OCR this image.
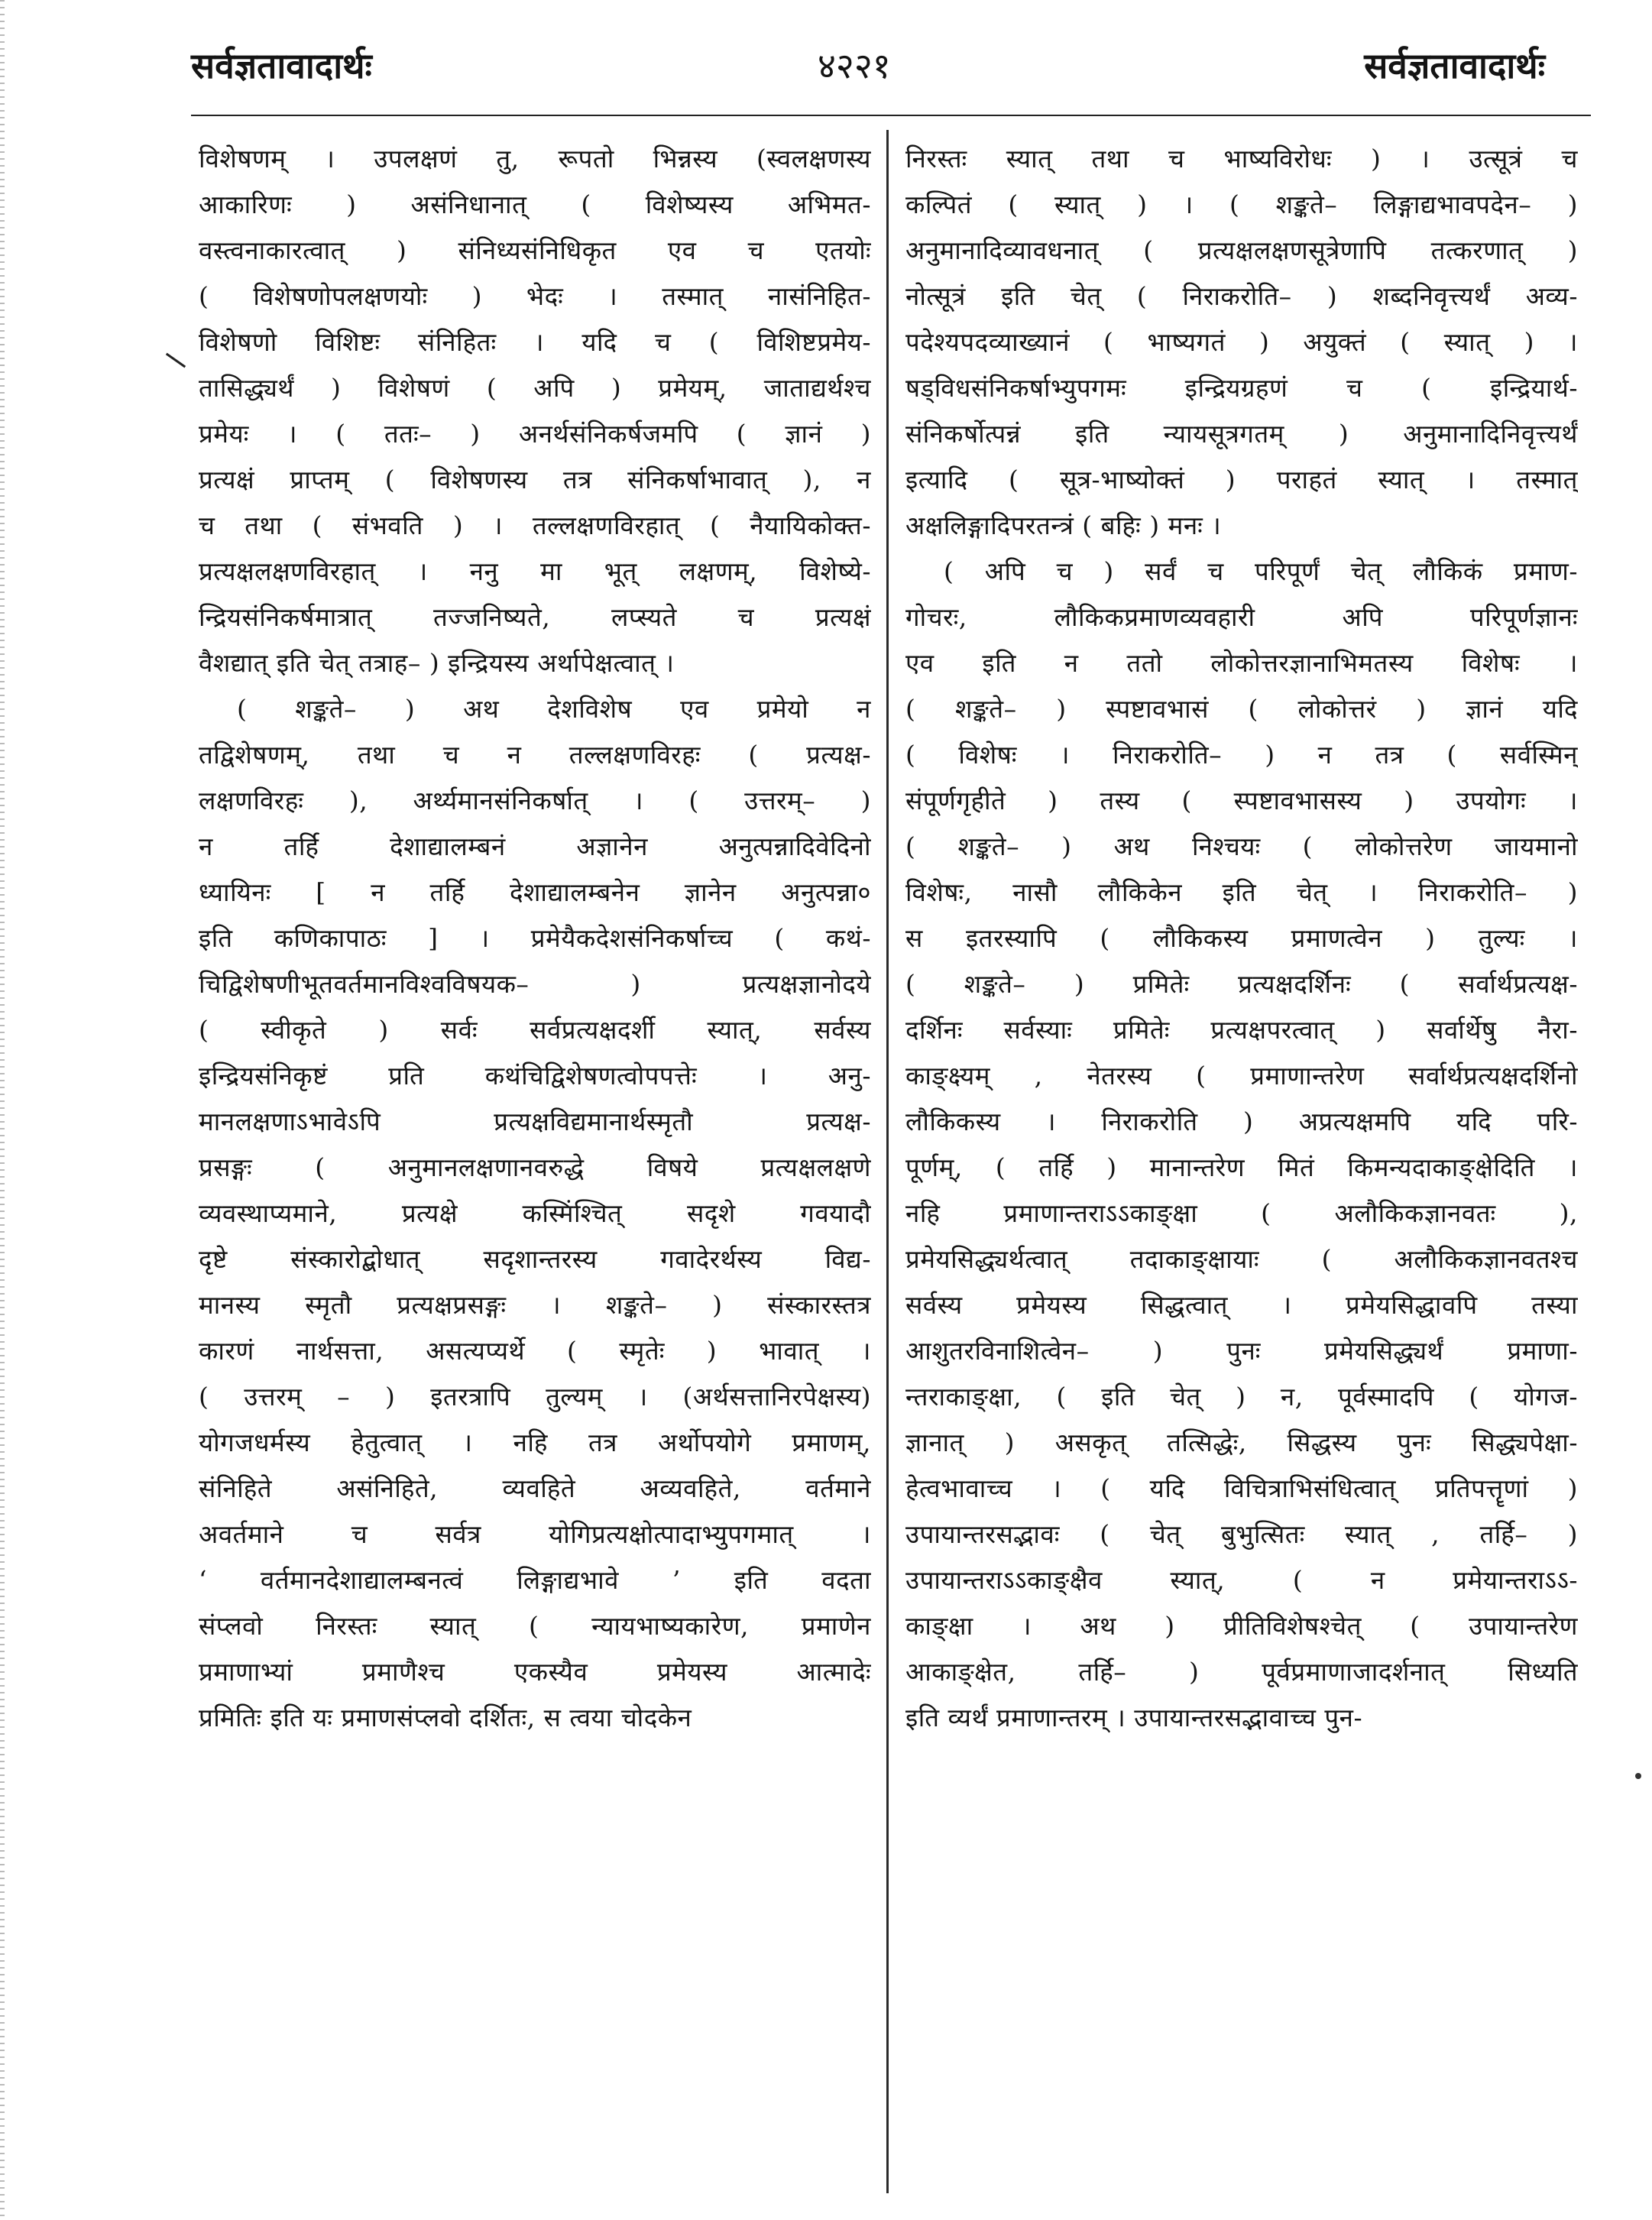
सर्वज्ञतावादार्थः	४२२१	सर्वज्ञतावादार्थः
विशेषणम् । उपलक्षणं तु, रूपतो भिन्नस्य (स्वलक्षणस्य
आकारिणः ) असंनिधानात् ( विशेष्यस्य अभिमत-
वस्त्वनाकारत्वात् ) संनिध्यसंनिधिकृत एव च एतयोः
( विशेषणोपलक्षणयोः ) भेदः । तस्मात् नासंनिहित-
विशेषणो विशिष्टः संनिहितः । यदि च ( विशिष्टप्रमेय-
तासिद्ध्यर्थं ) विशेषणं ( अपि ) प्रमेयम्, जाताद्यर्थश्च
प्रमेयः । ( ततः– ) अनर्थसंनिकर्षजमपि ( ज्ञानं )
प्रत्यक्षं प्राप्तम् ( विशेषणस्य तत्र संनिकर्षाभावात् ), न
च तथा ( संभवति ) । तल्लक्षणविरहात् ( नैयायिकोक्त-
प्रत्यक्षलक्षणविरहात् । ननु मा भूत् लक्षणम्, विशेष्ये-
न्द्रियसंनिकर्षमात्रात् तज्जनिष्यते, लप्स्यते च प्रत्यक्षं
वैशद्यात् इति चेत् तत्राह– ) इन्द्रियस्य अर्थापेक्षत्वात् ।
( शङ्कते– ) अथ देशविशेष एव प्रमेयो न
तद्विशेषणम्, तथा च न तल्लक्षणविरहः ( प्रत्यक्ष-
लक्षणविरहः ), अर्थ्यमानसंनिकर्षात् । ( उत्तरम्– )
न तर्हि देशाद्यालम्बनं अज्ञानेन अनुत्पन्नादिवेदिनो
ध्यायिनः [ न तर्हि देशाद्यालम्बनेन ज्ञानेन अनुत्पन्ना०
इति कणिकापाठः ] । प्रमेयैकदेशसंनिकर्षाच्च ( कथं-
चिद्विशेषणीभूतवर्तमानविश्वविषयक– ) प्रत्यक्षज्ञानोदये
( स्वीकृते ) सर्वः सर्वप्रत्यक्षदर्शी स्यात्, सर्वस्य
इन्द्रियसंनिकृष्टं प्रति कथंचिद्विशेषणत्वोपपत्तेः । अनु-
मानलक्षणाऽभावेऽपि प्रत्यक्षविद्यमानार्थस्मृतौ प्रत्यक्ष-
प्रसङ्गः ( अनुमानलक्षणानवरुद्धे विषये प्रत्यक्षलक्षणे
व्यवस्थाप्यमाने, प्रत्यक्षे कस्मिंश्चित् सदृशे गवयादौ
दृष्टे संस्कारोद्बोधात् सदृशान्तरस्य गवादेरर्थस्य विद्य-
मानस्य स्मृतौ प्रत्यक्षप्रसङ्गः । शङ्कते– ) संस्कारस्तत्र
कारणं नार्थसत्ता, असत्यप्यर्थे ( स्मृतेः ) भावात् ।
( उत्तरम् – ) इतरत्रापि तुल्यम् । (अर्थसत्तानिरपेक्षस्य)
योगजधर्मस्य हेतुत्वात् । नहि तत्र अर्थोपयोगे प्रमाणम्,
संनिहिते असंनिहिते, व्यवहिते अव्यवहिते, वर्तमाने
अवर्तमाने च सर्वत्र योगिप्रत्यक्षोत्पादाभ्युपगमात् ।
‘ वर्तमानदेशाद्यालम्बनत्वं लिङ्गाद्यभावे ’ इति वदता
संप्लवो निरस्तः स्यात् ( न्यायभाष्यकारेण, प्रमाणेन
प्रमाणाभ्यां प्रमाणैश्च एकस्यैव प्रमेयस्य आत्मादेः
प्रमितिः इति यः प्रमाणसंप्लवो दर्शितः, स त्वया चोदकेन
निरस्तः स्यात् तथा च भाष्यविरोधः ) । उत्सूत्रं च
कल्पितं ( स्यात् ) । ( शङ्कते– लिङ्गाद्यभावपदेन– )
अनुमानादिव्यावधनात् ( प्रत्यक्षलक्षणसूत्रेणापि तत्करणात् )
नोत्सूत्रं इति चेत् ( निराकरोति– ) शब्दनिवृत्त्यर्थं अव्य-
पदेश्यपदव्याख्यानं ( भाष्यगतं ) अयुक्तं ( स्यात् ) ।
षड्विधसंनिकर्षाभ्युपगमः इन्द्रियग्रहणं च ( इन्द्रियार्थ-
संनिकर्षोत्पन्नं इति न्यायसूत्रगतम् ) अनुमानादिनिवृत्त्यर्थं
इत्यादि ( सूत्र-भाष्योक्तं ) पराहतं स्यात् । तस्मात्
अक्षलिङ्गादिपरतन्त्रं ( बहिः ) मनः ।
( अपि च ) सर्वं च परिपूर्णं चेत् लौकिकं प्रमाण-
गोचरः, लौकिकप्रमाणव्यवहारी अपि परिपूर्णज्ञानः
एव इति न ततो लोकोत्तरज्ञानाभिमतस्य विशेषः ।
( शङ्कते– ) स्पष्टावभासं ( लोकोत्तरं ) ज्ञानं यदि
( विशेषः । निराकरोति– ) न तत्र ( सर्वस्मिन्
संपूर्णगृहीते ) तस्य ( स्पष्टावभासस्य ) उपयोगः ।
( शङ्कते– ) अथ निश्चयः ( लोकोत्तरेण जायमानो
विशेषः, नासौ लौकिकेन इति चेत् । निराकरोति– )
स इतरस्यापि ( लौकिकस्य प्रमाणत्वेन ) तुल्यः ।
( शङ्कते– ) प्रमितेः प्रत्यक्षदर्शिनः ( सर्वार्थप्रत्यक्ष-
दर्शिनः सर्वस्याः प्रमितेः प्रत्यक्षपरत्वात् ) सर्वार्थेषु नैरा-
काङ्क्ष्यम् , नेतरस्य ( प्रमाणान्तरेण सर्वार्थप्रत्यक्षदर्शिनो
लौकिकस्य । निराकरोति ) अप्रत्यक्षमपि यदि परि-
पूर्णम्, ( तर्हि ) मानान्तरेण मितं किमन्यदाकाङ्क्षेदिति ।
नहि प्रमाणान्तराऽऽकाङ्क्षा ( अलौकिकज्ञानवतः ),
प्रमेयसिद्ध्यर्थत्वात् तदाकाङ्क्षायाः ( अलौकिकज्ञानवतश्च
सर्वस्य प्रमेयस्य सिद्धत्वात् । प्रमेयसिद्धावपि तस्या
आशुतरविनाशित्वेन– ) पुनः प्रमेयसिद्ध्यर्थं प्रमाणा-
न्तराकाङ्क्षा, ( इति चेत् ) न, पूर्वस्मादपि ( योगज-
ज्ञानात् ) असकृत् तत्सिद्धेः, सिद्धस्य पुनः सिद्ध्यपेक्षा-
हेत्वभावाच्च । ( यदि विचित्राभिसंधित्वात् प्रतिपत्तॄणां )
उपायान्तरसद्भावः ( चेत् बुभुत्सितः स्यात् , तर्हि– )
उपायान्तराऽऽकाङ्क्षैव स्यात्, ( न प्रमेयान्तराऽऽ-
काङ्क्षा । अथ ) प्रीतिविशेषश्चेत् ( उपायान्तरेण
आकाङ्क्षेत, तर्हि– ) पूर्वप्रमाणाजादर्शनात् सिध्यति
इति व्यर्थं प्रमाणान्तरम् । उपायान्तरसद्भावाच्च पुन-
